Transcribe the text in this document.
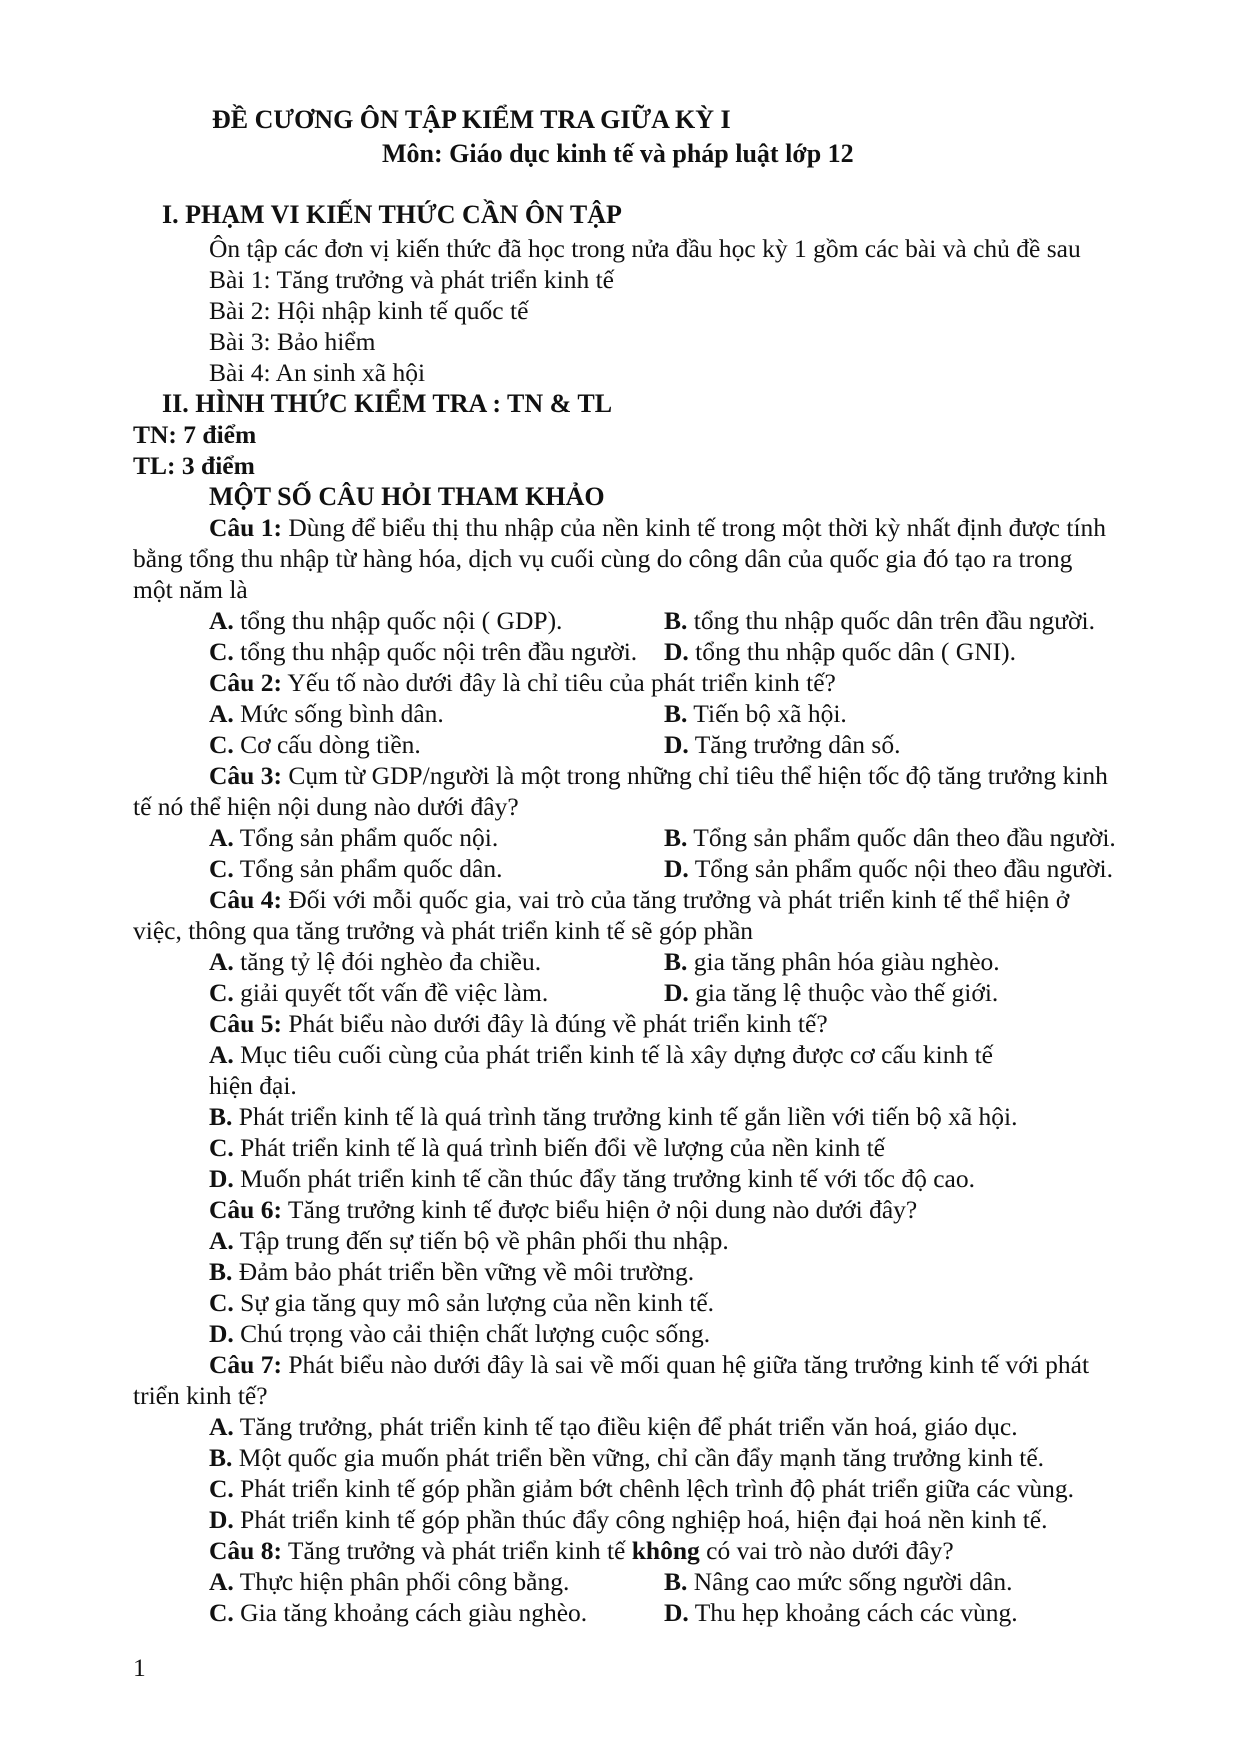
ĐỀ CƯƠNG ÔN TẬP KIỂM TRA GIỮA KỲ I
Môn: Giáo dục kinh tế và pháp luật lớp 12
I. PHẠM VI KIẾN THỨC CẦN ÔN TẬP
Ôn tập các đơn vị kiến thức đã học trong nửa đầu học kỳ 1 gồm các bài và chủ đề sau
Bài 1: Tăng trưởng và phát triển kinh tế
Bài 2: Hội nhập kinh tế quốc tế
Bài 3: Bảo hiểm
Bài 4: An sinh xã hội
II. HÌNH THỨC KIỂM TRA : TN & TL
TN: 7 điểm
TL: 3 điểm
MỘT SỐ CÂU HỎI THAM KHẢO
Câu 1: Dùng để biểu thị thu nhập của nền kinh tế trong một thời kỳ nhất định được tính
bằng tổng thu nhập từ hàng hóa, dịch vụ cuối cùng do công dân của quốc gia đó tạo ra trong
một năm là
A. tổng thu nhập quốc nội ( GDP).	B. tổng thu nhập quốc dân trên đầu người.
C. tổng thu nhập quốc nội trên đầu người. D. tổng thu nhập quốc dân ( GNI).
Câu 2: Yếu tố nào dưới đây là chỉ tiêu của phát triển kinh tế?
A. Mức sống bình dân.	B. Tiến bộ xã hội.
C. Cơ cấu dòng tiền.	D. Tăng trưởng dân số.
Câu 3: Cụm từ GDP/người là một trong những chỉ tiêu thể hiện tốc độ tăng trưởng kinh
tế nó thể hiện nội dung nào dưới đây?
A. Tổng sản phẩm quốc nội.	B. Tổng sản phẩm quốc dân theo đầu người.
C. Tổng sản phẩm quốc dân.	D. Tổng sản phẩm quốc nội theo đầu người.
Câu 4: Đối với mỗi quốc gia, vai trò của tăng trưởng và phát triển kinh tế thể hiện ở
việc, thông qua tăng trưởng và phát triển kinh tế sẽ góp phần
A. tăng tỷ lệ đói nghèo đa chiều.	B. gia tăng phân hóa giàu nghèo.
C. giải quyết tốt vấn đề việc làm.	D. gia tăng lệ thuộc vào thế giới.
Câu 5: Phát biểu nào dưới đây là đúng về phát triển kinh tế?
A. Mục tiêu cuối cùng của phát triển kinh tế là xây dựng được cơ cấu kinh tế
hiện đại.
B. Phát triển kinh tế là quá trình tăng trưởng kinh tế gắn liền với tiến bộ xã hội.
C. Phát triển kinh tế là quá trình biến đổi về lượng của nền kinh tế
D. Muốn phát triển kinh tế cần thúc đẩy tăng trưởng kinh tế với tốc độ cao.
Câu 6: Tăng trưởng kinh tế được biểu hiện ở nội dung nào dưới đây?
A. Tập trung đến sự tiến bộ về phân phối thu nhập.
B. Đảm bảo phát triển bền vững về môi trường.
C. Sự gia tăng quy mô sản lượng của nền kinh tế.
D. Chú trọng vào cải thiện chất lượng cuộc sống.
Câu 7: Phát biểu nào dưới đây là sai về mối quan hệ giữa tăng trưởng kinh tế với phát
triển kinh tế?
A. Tăng trưởng, phát triển kinh tế tạo điều kiện để phát triển văn hoá, giáo dục.
B. Một quốc gia muốn phát triển bền vững, chỉ cần đẩy mạnh tăng trưởng kinh tế.
C. Phát triển kinh tế góp phần giảm bớt chênh lệch trình độ phát triển giữa các vùng.
D. Phát triển kinh tế góp phần thúc đẩy công nghiệp hoá, hiện đại hoá nền kinh tế.
Câu 8: Tăng trưởng và phát triển kinh tế không có vai trò nào dưới đây?
A. Thực hiện phân phối công bằng.	B. Nâng cao mức sống người dân.
C. Gia tăng khoảng cách giàu nghèo.	D. Thu hẹp khoảng cách các vùng.
1
